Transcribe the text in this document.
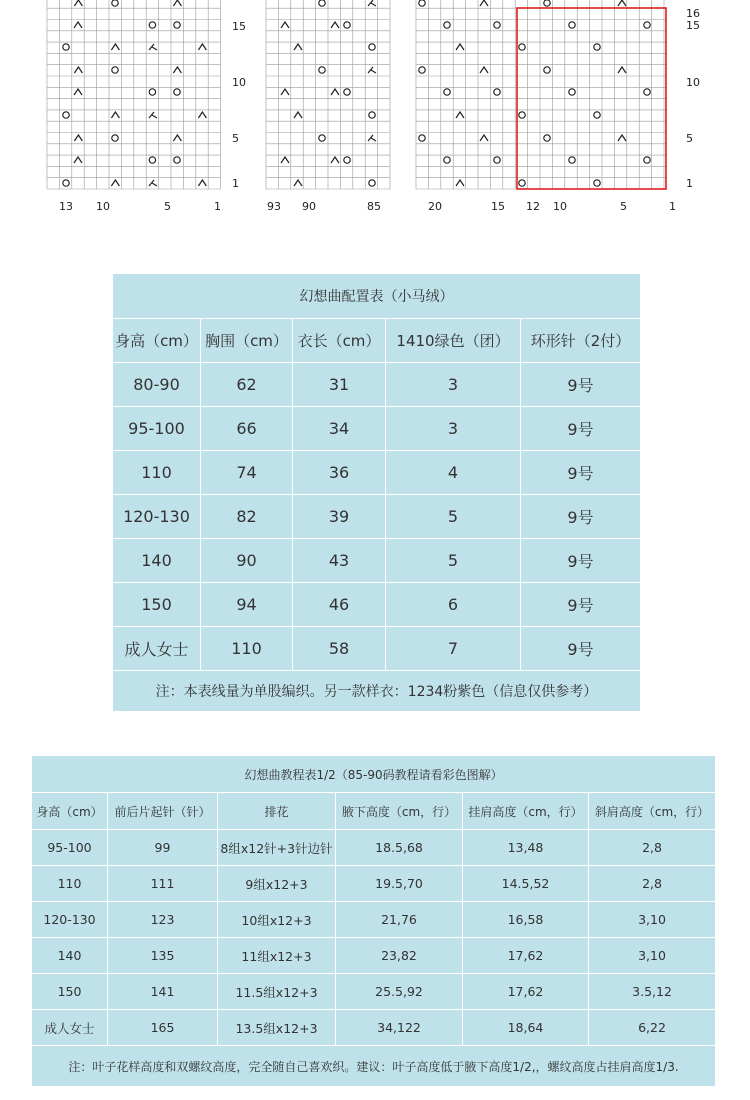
13 10	5	1
15
10
5
1
93 90	85	20	15 12 10	5	1
16
15
10
5
1
幻想曲配置表（小马绒）				
身高（cm）	胸围（cm）	衣长（cm）	1410绿色（团）	环形针（2付）
80-90	62	31	3	9号
95-100	66	34	3	9号
110	74	36	4	9号
120-130	82	39	5	9号
140	90	43	5	9号
150	94	46	6	9号
成人女士	110	58	7	9号
注：本表线量为单股编织。另一款样衣：1234粉紫色（信息仅供参考）				
幻想曲教程表1/2（85-90码教程请看彩色图解）					
身高（cm）	前后片起针（针）	排花	腋下高度（cm，行）	挂肩高度（cm，行）	斜肩高度（cm，行）
95-100	99	8组x12针+3针边针	18.5,68	13,48	2,8
110	111	9组x12+3	19.5,70	14.5,52	2,8
120-130	123	10组x12+3	21,76	16,58	3,10
140	135	11组x12+3	23,82	17,62	3,10
150	141	11.5组x12+3	25.5,92	17,62	3.5,12
成人女士	165	13.5组x12+3	34,122	18,64	6,22
注：叶子花样高度和双螺纹高度，完全随自己喜欢织。建议：叶子高度低于腋下高度1/2,，螺纹高度占挂肩高度1/3.					
